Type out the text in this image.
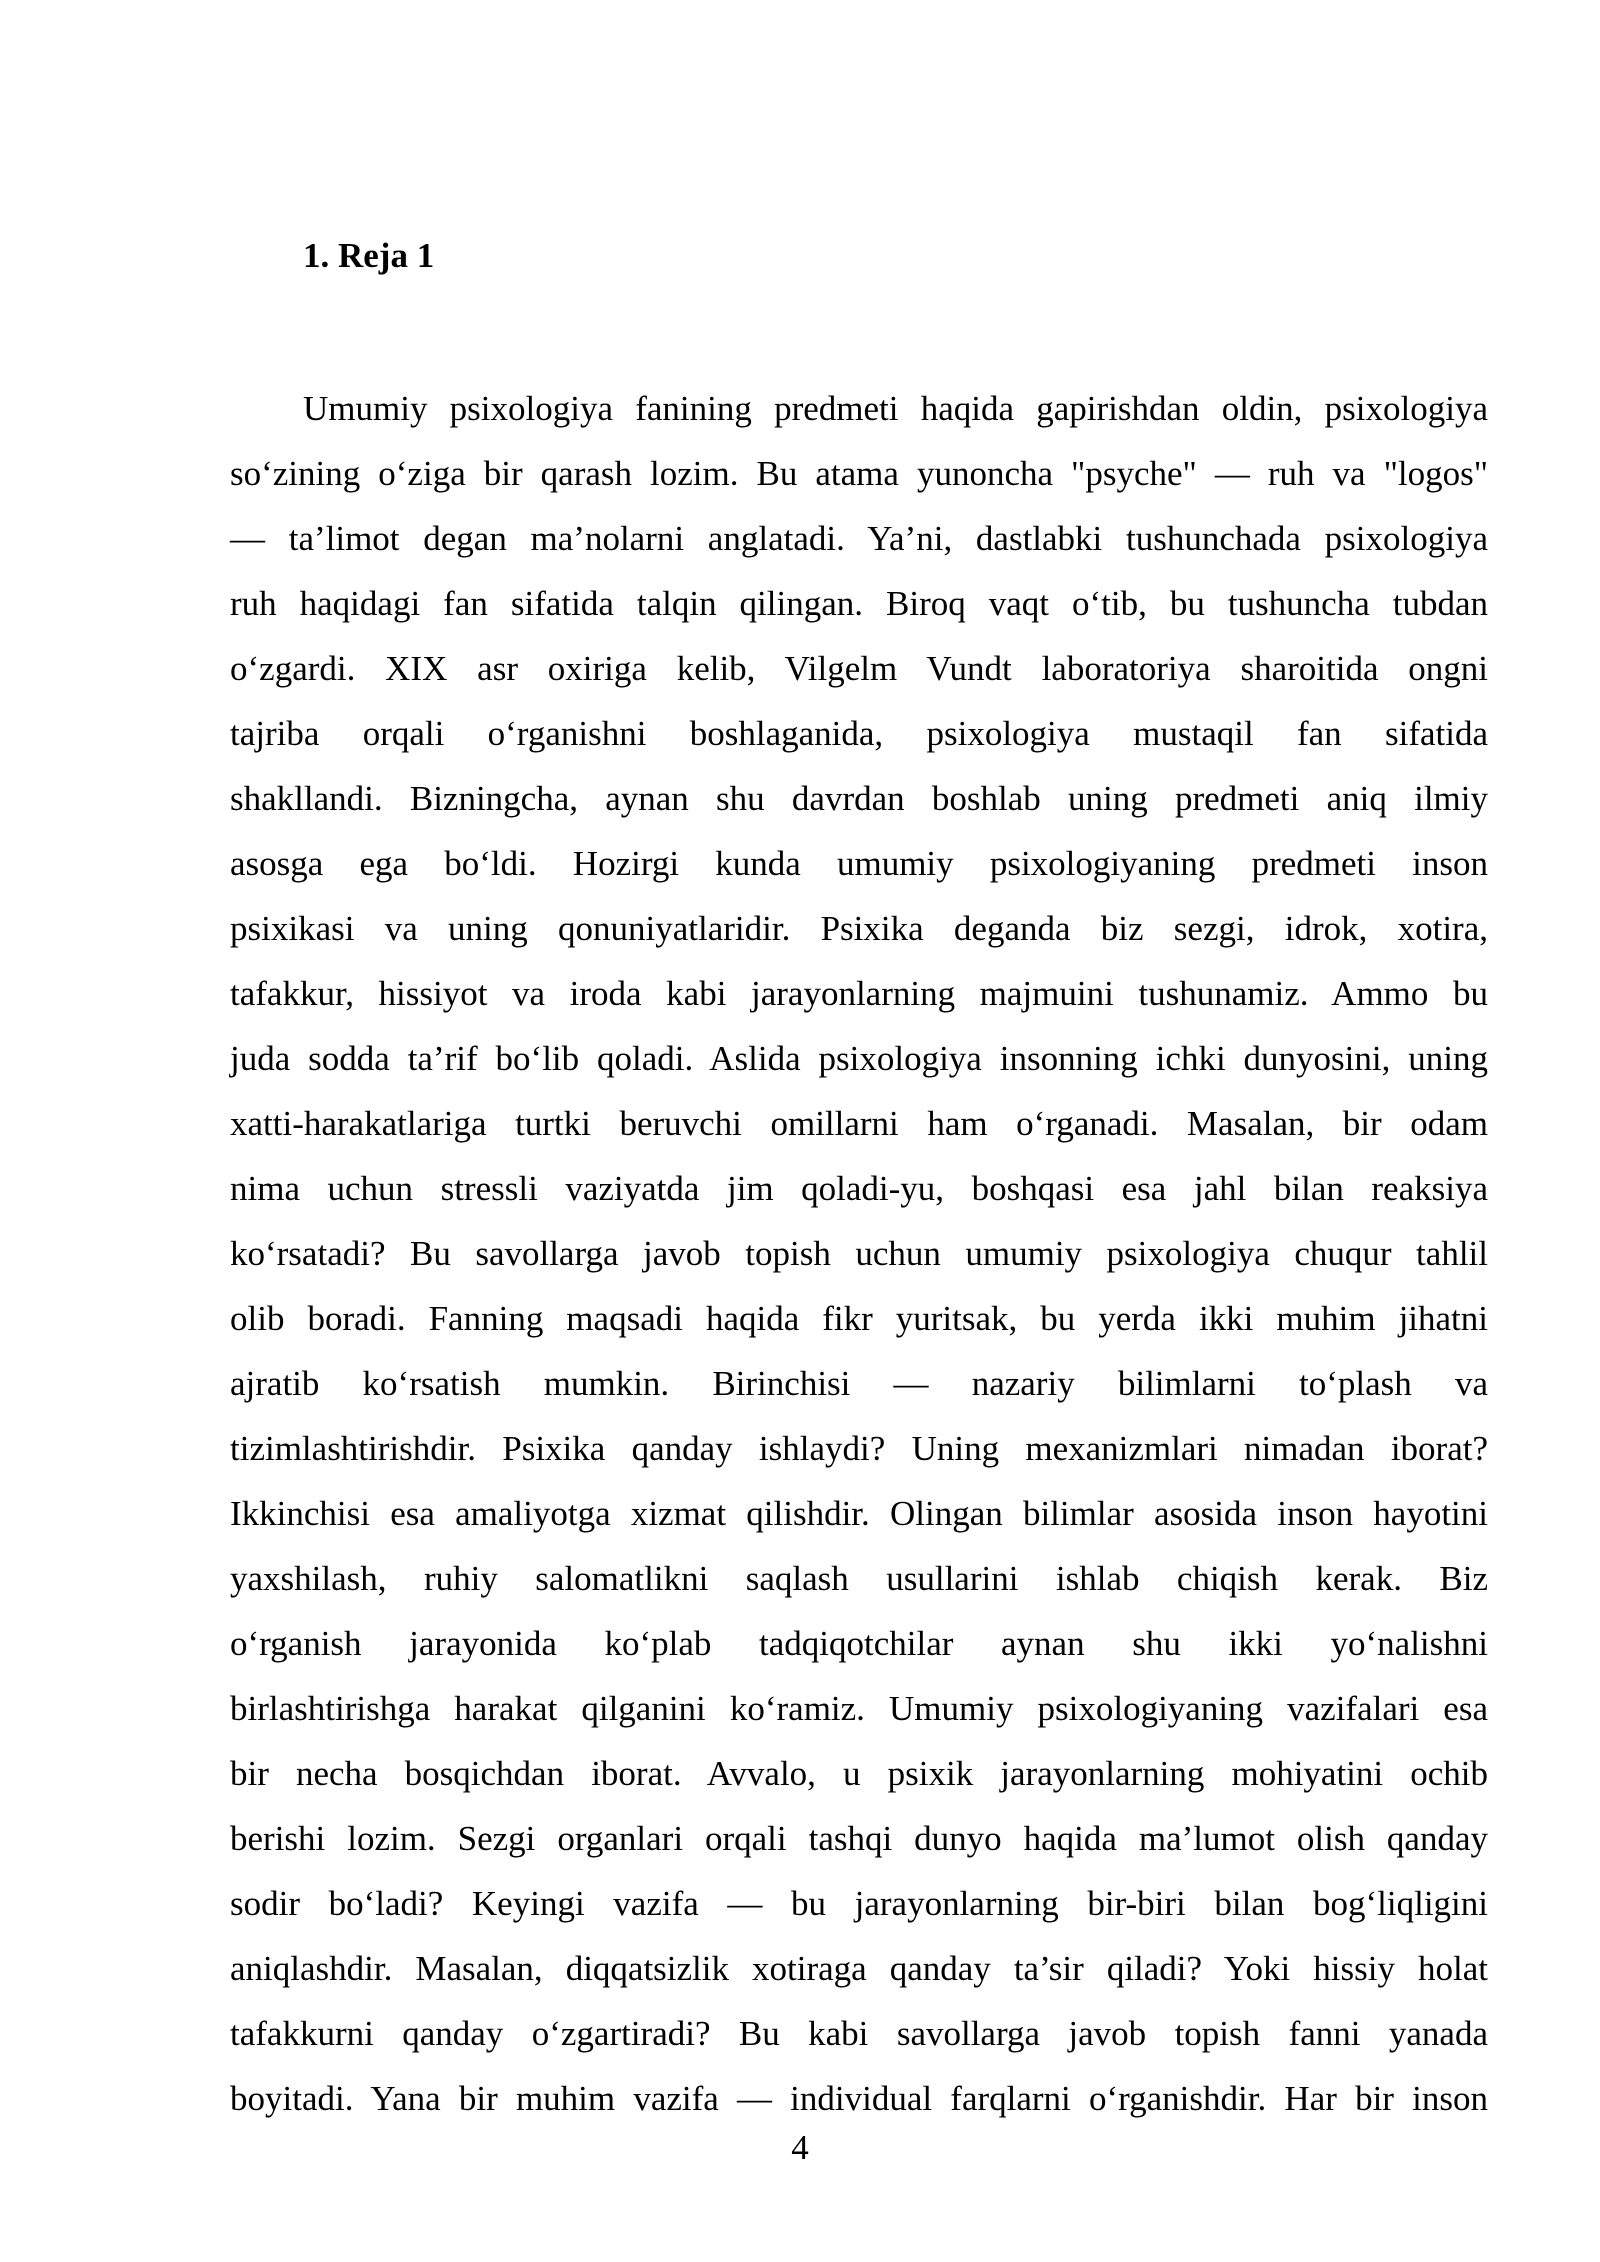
1. Reja 1
Umumiy psixologiya fanining predmeti haqida gapirishdan oldin, psixologiya
so‘zining o‘ziga bir qarash lozim. Bu atama yunoncha "psyche" — ruh va "logos"
— ta’limot degan ma’nolarni anglatadi. Ya’ni, dastlabki tushunchada psixologiya
ruh haqidagi fan sifatida talqin qilingan. Biroq vaqt o‘tib, bu tushuncha tubdan
o‘zgardi. XIX asr oxiriga kelib, Vilgelm Vundt laboratoriya sharoitida ongni
tajriba orqali o‘rganishni boshlaganida, psixologiya mustaqil fan sifatida
shakllandi. Bizningcha, aynan shu davrdan boshlab uning predmeti aniq ilmiy
asosga ega bo‘ldi. Hozirgi kunda umumiy psixologiyaning predmeti inson
psixikasi va uning qonuniyatlaridir. Psixika deganda biz sezgi, idrok, xotira,
tafakkur, hissiyot va iroda kabi jarayonlarning majmuini tushunamiz. Ammo bu
juda sodda ta’rif bo‘lib qoladi. Aslida psixologiya insonning ichki dunyosini, uning
xatti-harakatlariga turtki beruvchi omillarni ham o‘rganadi. Masalan, bir odam
nima uchun stressli vaziyatda jim qoladi-yu, boshqasi esa jahl bilan reaksiya
ko‘rsatadi? Bu savollarga javob topish uchun umumiy psixologiya chuqur tahlil
olib boradi. Fanning maqsadi haqida fikr yuritsak, bu yerda ikki muhim jihatni
ajratib ko‘rsatish mumkin. Birinchisi — nazariy bilimlarni to‘plash va
tizimlashtirishdir. Psixika qanday ishlaydi? Uning mexanizmlari nimadan iborat?
Ikkinchisi esa amaliyotga xizmat qilishdir. Olingan bilimlar asosida inson hayotini
yaxshilash, ruhiy salomatlikni saqlash usullarini ishlab chiqish kerak. Biz
o‘rganish jarayonida ko‘plab tadqiqotchilar aynan shu ikki yo‘nalishni
birlashtirishga harakat qilganini ko‘ramiz. Umumiy psixologiyaning vazifalari esa
bir necha bosqichdan iborat. Avvalo, u psixik jarayonlarning mohiyatini ochib
berishi lozim. Sezgi organlari orqali tashqi dunyo haqida ma’lumot olish qanday
sodir bo‘ladi? Keyingi vazifa — bu jarayonlarning bir-biri bilan bog‘liqligini
aniqlashdir. Masalan, diqqatsizlik xotiraga qanday ta’sir qiladi? Yoki hissiy holat
tafakkurni qanday o‘zgartiradi? Bu kabi savollarga javob topish fanni yanada
boyitadi. Yana bir muhim vazifa — individual farqlarni o‘rganishdir. Har bir inson
4
